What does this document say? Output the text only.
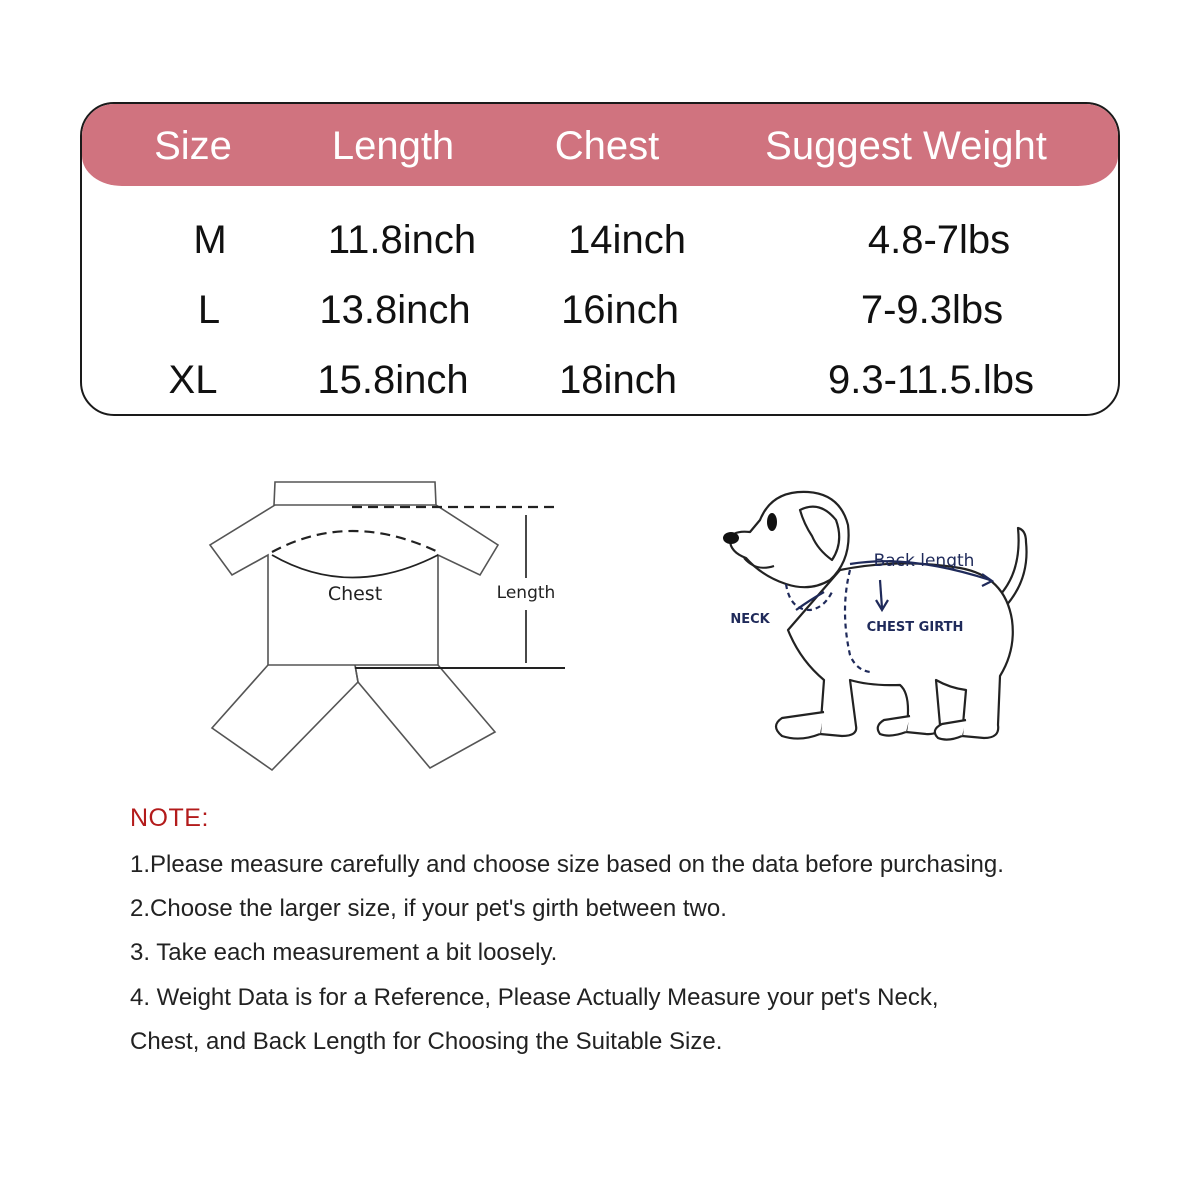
Size Length	Chest	Suggest Weight
M	11.8inch 14inch	4.8-7lbs
L 13.8inch 16inch	7-9.3lbs
XL 15.8inch 18inch	9.3-11.5.lbs
Chest	Length
Back length
NECK
CHEST GIRTH
NOTE:
1.Please measure carefully and choose size based on the data before purchasing.
2.Choose the larger size, if your pet's girth between two.
3. Take each measurement a bit loosely.
4. Weight Data is for a Reference, Please Actually Measure your pet's Neck,
Chest, and Back Length for Choosing the Suitable Size.
